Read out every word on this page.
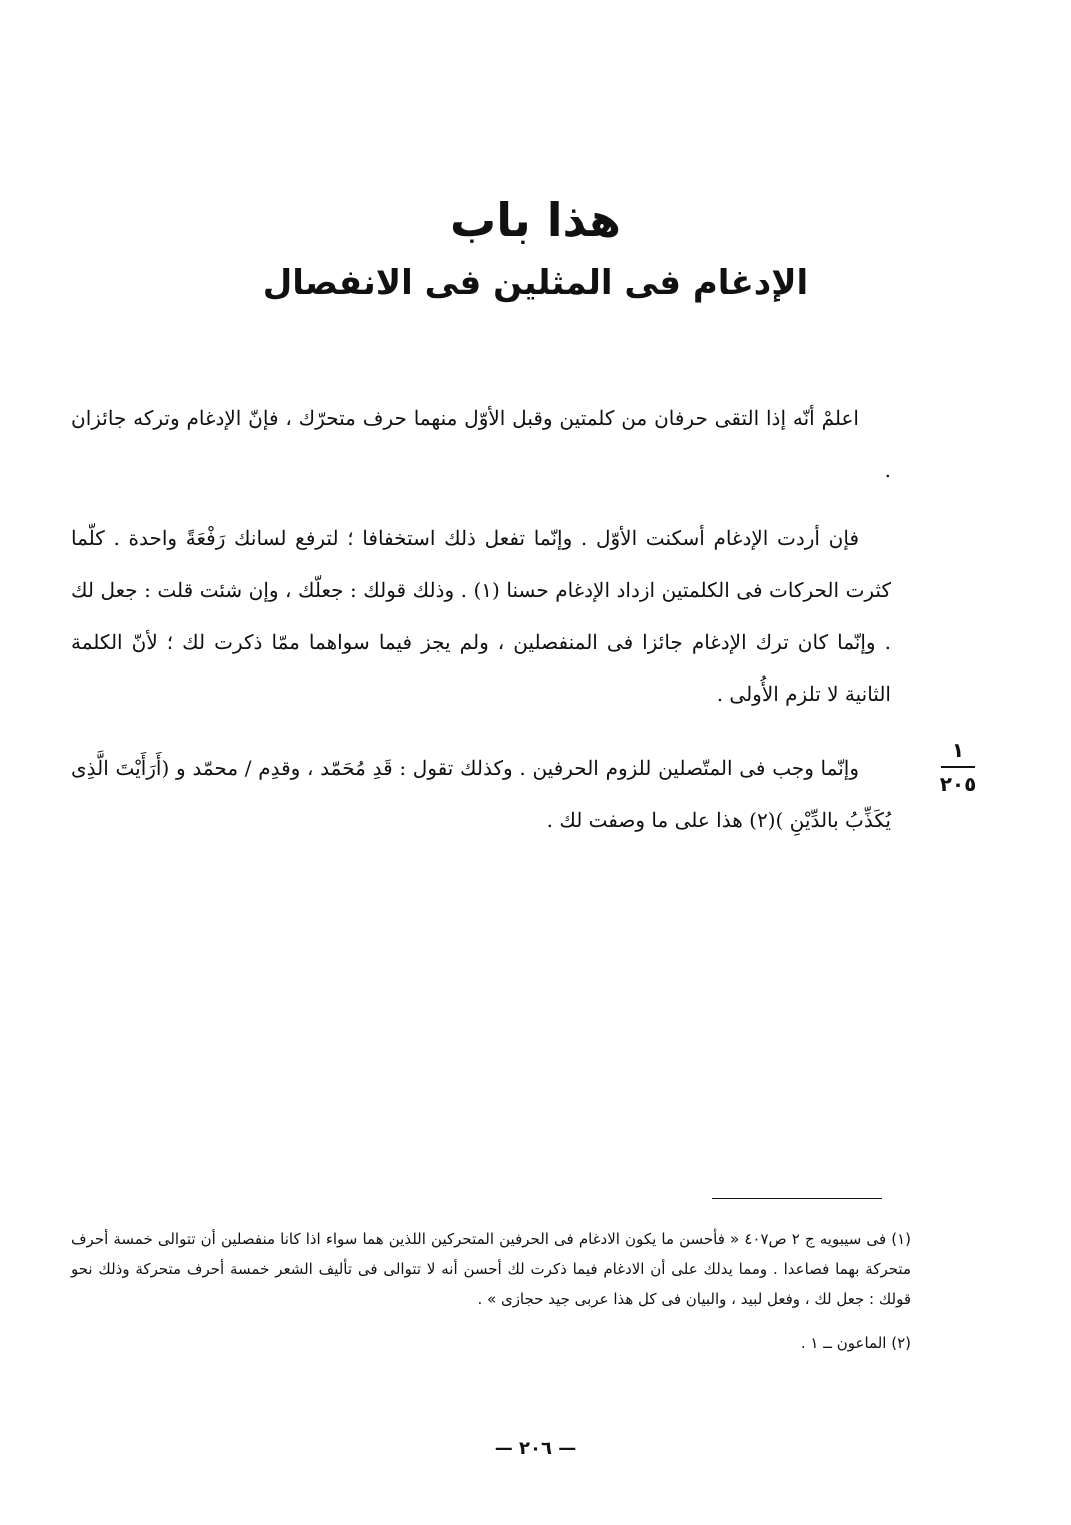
هذا باب
الإدغام فى المثلين فى الانفصال

اعلمْ أنّه إذا التقى حرفان من كلمتين وقبل الأوّل منهما حرف متحرّك ، فإنّ الإدغام وتركه جائزان .

فإن أردت الإدغام أسكنت الأوّل . وإنّما تفعل ذلك استخفافا ؛ لترفع لسانك رَفْعَةً واحدة . كلّما كثرت الحركات فى الكلمتين ازداد الإدغام حسنا (١) . وذلك قولك : جعلّك ، وإن شئت قلت : جعل لك . وإنّما كان ترك الإدغام جائزا فى المنفصلين ، ولم يجز فيما سواهما ممّا ذكرت لك ؛ لأنّ الكلمة الثانية لا تلزم الأُولى .

وإنّما وجب فى المتّصلين للزوم الحرفين . وكذلك تقول : قَدِ مُحَمّد ، وقدِم / محمّد و (أَرَأَيْتَ الَّذِى يُكَذِّبُ بالدِّيْنِ )(٢) هذا على ما وصفت لك .

١
٢٠٥

(١) فى سيبويه ج ٢ ص٤٠٧ « فأحسن ما يكون الادغام فى الحرفين المتحركين اللذين هما سواء اذا كانا منفصلين أن تتوالى خمسة أحرف متحركة بهما فصاعدا . ومما يدلك على أن الادغام فيما ذكرت لك أحسن أنه لا تتوالى فى تأليف الشعر خمسة أحرف متحركة وذلك نحو قولك : جعل لك ، وفعل لبيد ، والبيان فى كل هذا عربى جيد حجازى » .

(٢) الماعون ــ ١ .

— ٢٠٦ —
